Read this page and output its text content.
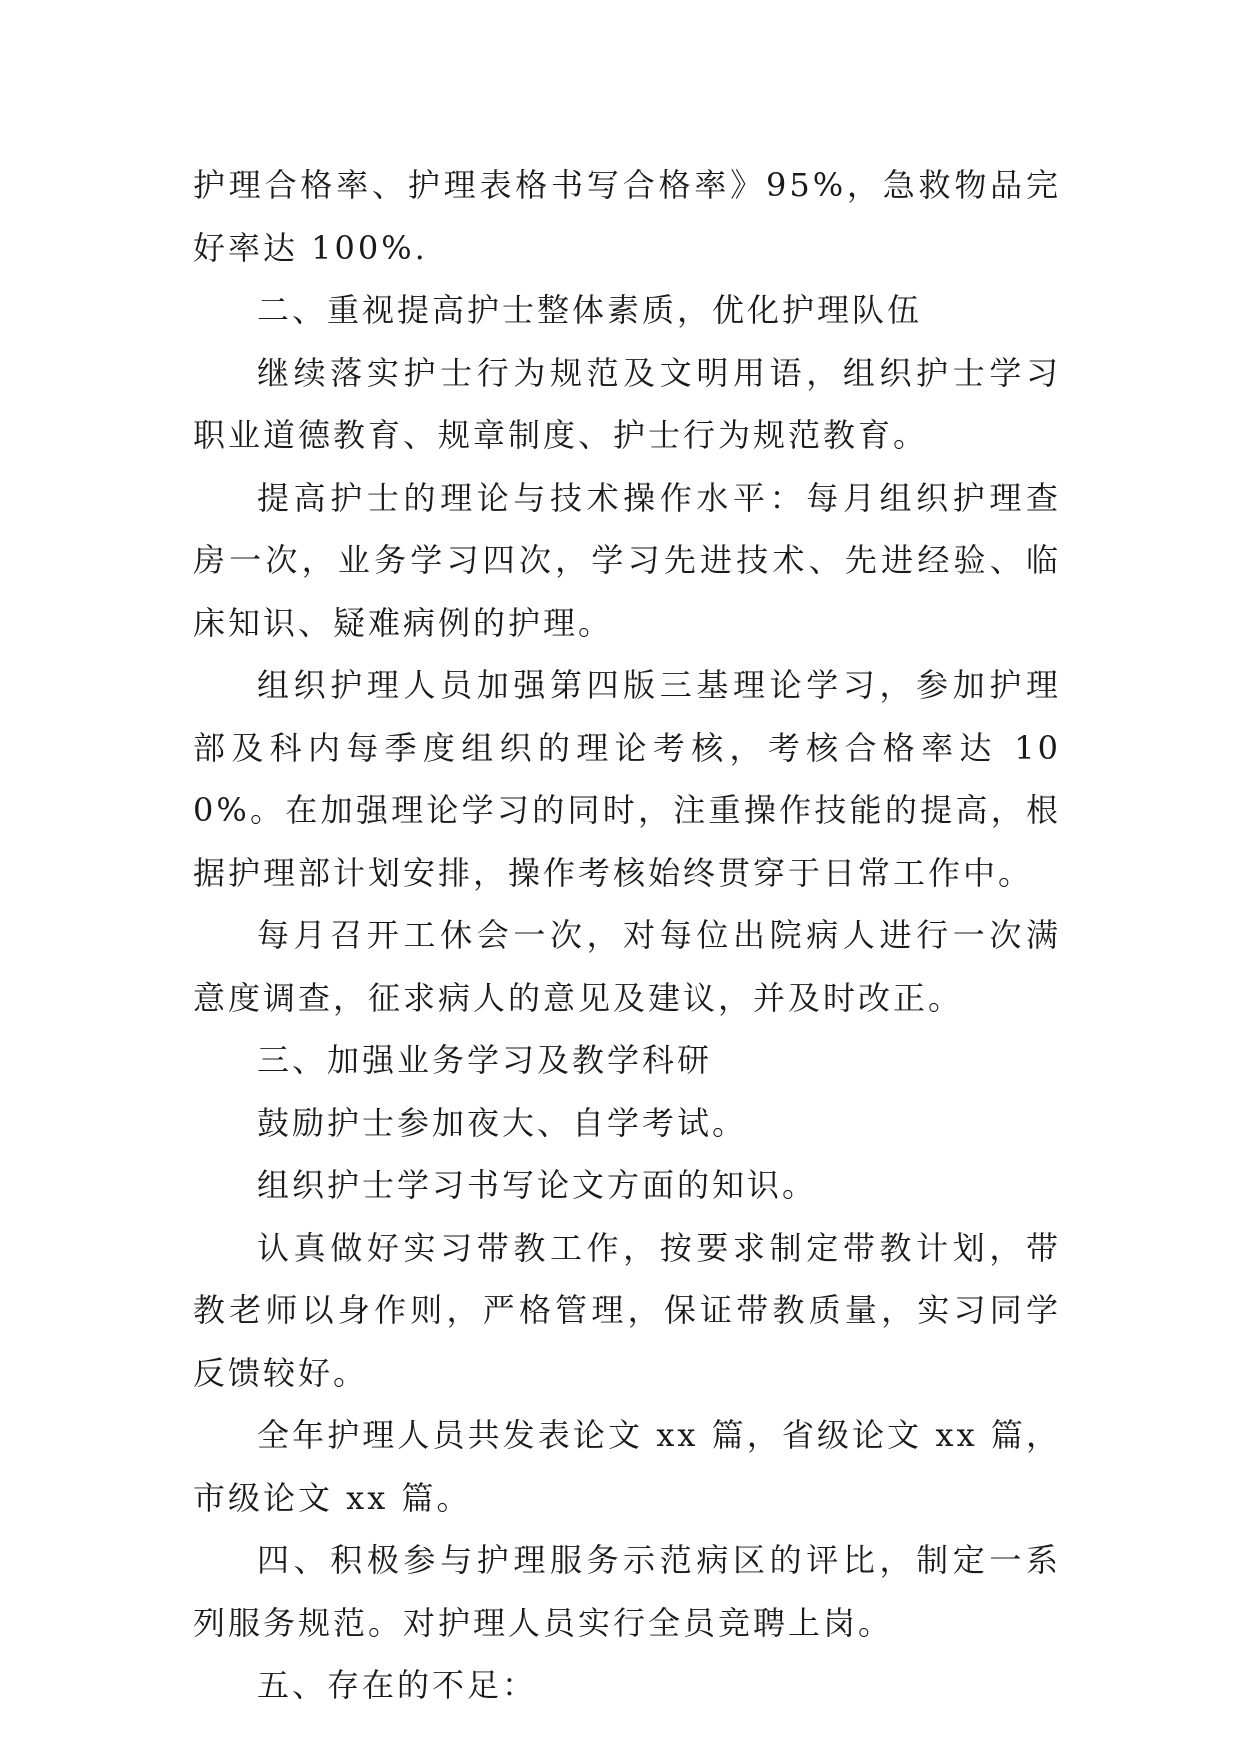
护理合格率、护理表格书写合格率》95%，急救物品完好率达 100%.

二、重视提高护士整体素质，优化护理队伍

继续落实护士行为规范及文明用语，组织护士学习职业道德教育、规章制度、护士行为规范教育。

提高护士的理论与技术操作水平：每月组织护理查房一次，业务学习四次，学习先进技术、先进经验、临床知识、疑难病例的护理。

组织护理人员加强第四版三基理论学习，参加护理部及科内每季度组织的理论考核，考核合格率达 100%。在加强理论学习的同时，注重操作技能的提高，根据护理部计划安排，操作考核始终贯穿于日常工作中。

每月召开工休会一次，对每位出院病人进行一次满意度调查，征求病人的意见及建议，并及时改正。

三、加强业务学习及教学科研

鼓励护士参加夜大、自学考试。

组织护士学习书写论文方面的知识。

认真做好实习带教工作，按要求制定带教计划，带教老师以身作则，严格管理，保证带教质量，实习同学反馈较好。

全年护理人员共发表论文 xx 篇，省级论文 xx 篇，市级论文 xx 篇。

四、积极参与护理服务示范病区的评比，制定一系列服务规范。对护理人员实行全员竞聘上岗。

五、存在的不足：
